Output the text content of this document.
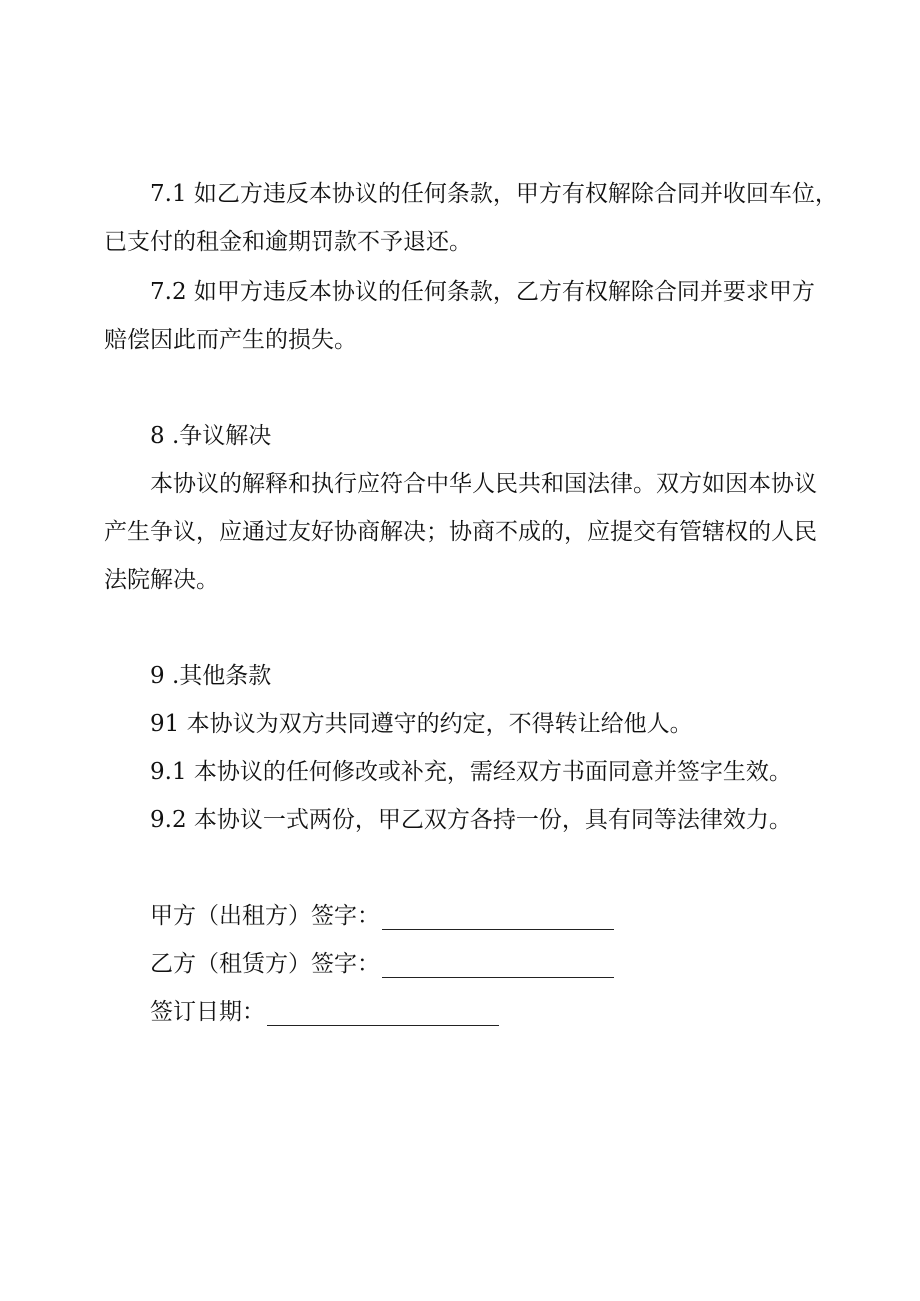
7.1 如乙方违反本协议的任何条款，甲方有权解除合同并收回车位，
已支付的租金和逾期罚款不予退还。
7.2 如甲方违反本协议的任何条款，乙方有权解除合同并要求甲方
赔偿因此而产生的损失。
8 .争议解决
本协议的解释和执行应符合中华人民共和国法律。双方如因本协议
产生争议，应通过友好协商解决；协商不成的，应提交有管辖权的人民
法院解决。
9 .其他条款
91 本协议为双方共同遵守的约定，不得转让给他人。
9.1 本协议的任何修改或补充，需经双方书面同意并签字生效。
9.2 本协议一式两份，甲乙双方各持一份，具有同等法律效力。
甲方（出租方）签字：
乙方（租赁方）签字：
签订日期：
